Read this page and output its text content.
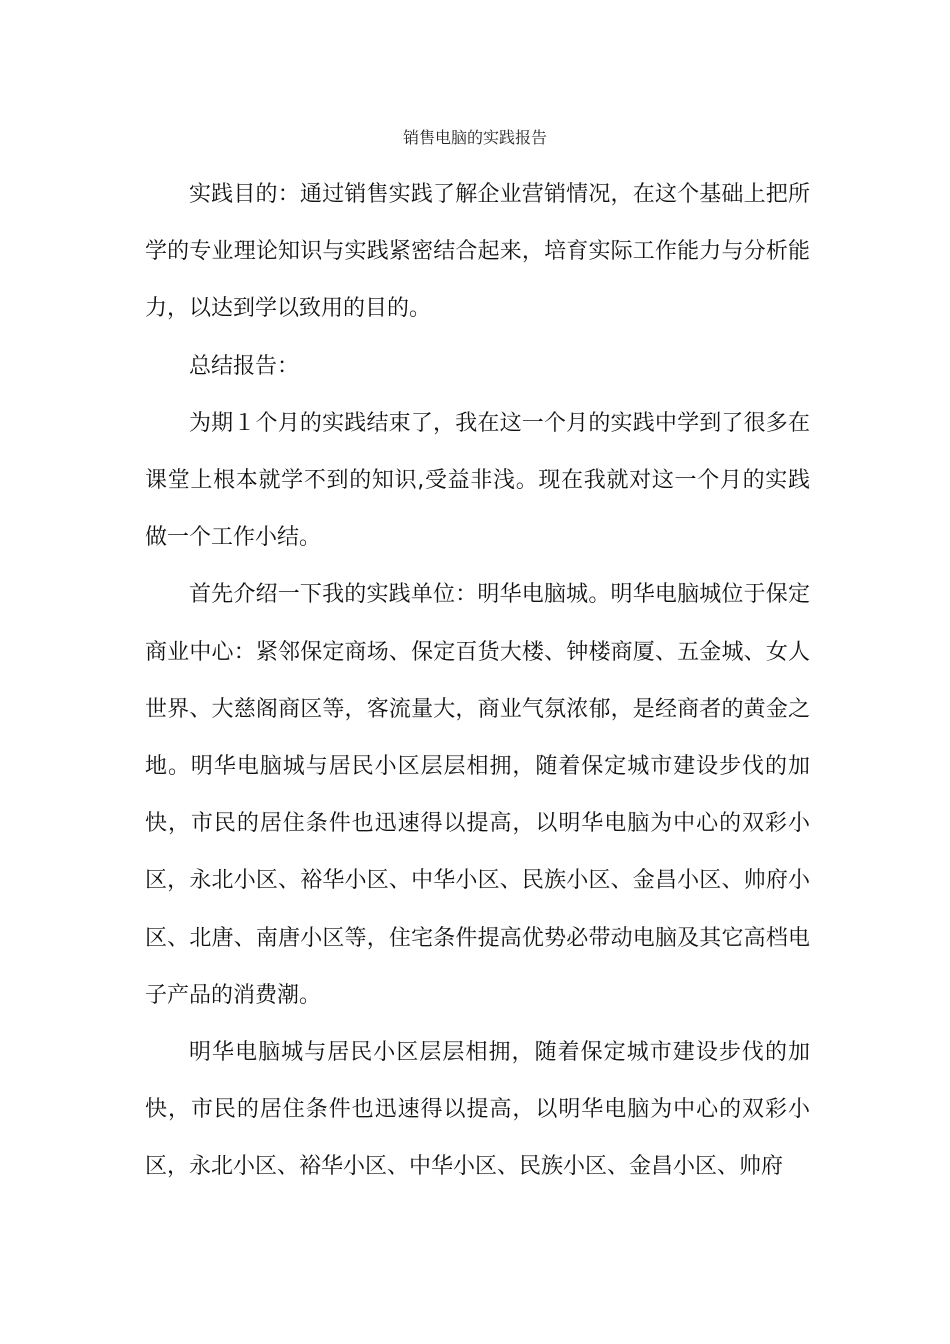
销售电脑的实践报告

实践目的：通过销售实践了解企业营销情况，在这个基础上把所学的专业理论知识与实践紧密结合起来，培育实际工作能力与分析能力，以达到学以致用的目的。

总结报告：

为期１个月的实践结束了，我在这一个月的实践中学到了很多在课堂上根本就学不到的知识,受益非浅。现在我就对这一个月的实践做一个工作小结。

首先介绍一下我的实践单位：明华电脑城。明华电脑城位于保定商业中心：紧邻保定商场、保定百货大楼、钟楼商厦、五金城、女人世界、大慈阁商区等，客流量大，商业气氛浓郁，是经商者的黄金之地。明华电脑城与居民小区层层相拥，随着保定城市建设步伐的加快，市民的居住条件也迅速得以提高，以明华电脑为中心的双彩小区，永北小区、裕华小区、中华小区、民族小区、金昌小区、帅府小区、北唐、南唐小区等，住宅条件提高优势必带动电脑及其它高档电子产品的消费潮。

明华电脑城与居民小区层层相拥，随着保定城市建设步伐的加快，市民的居住条件也迅速得以提高，以明华电脑为中心的双彩小区，永北小区、裕华小区、中华小区、民族小区、金昌小区、帅府
